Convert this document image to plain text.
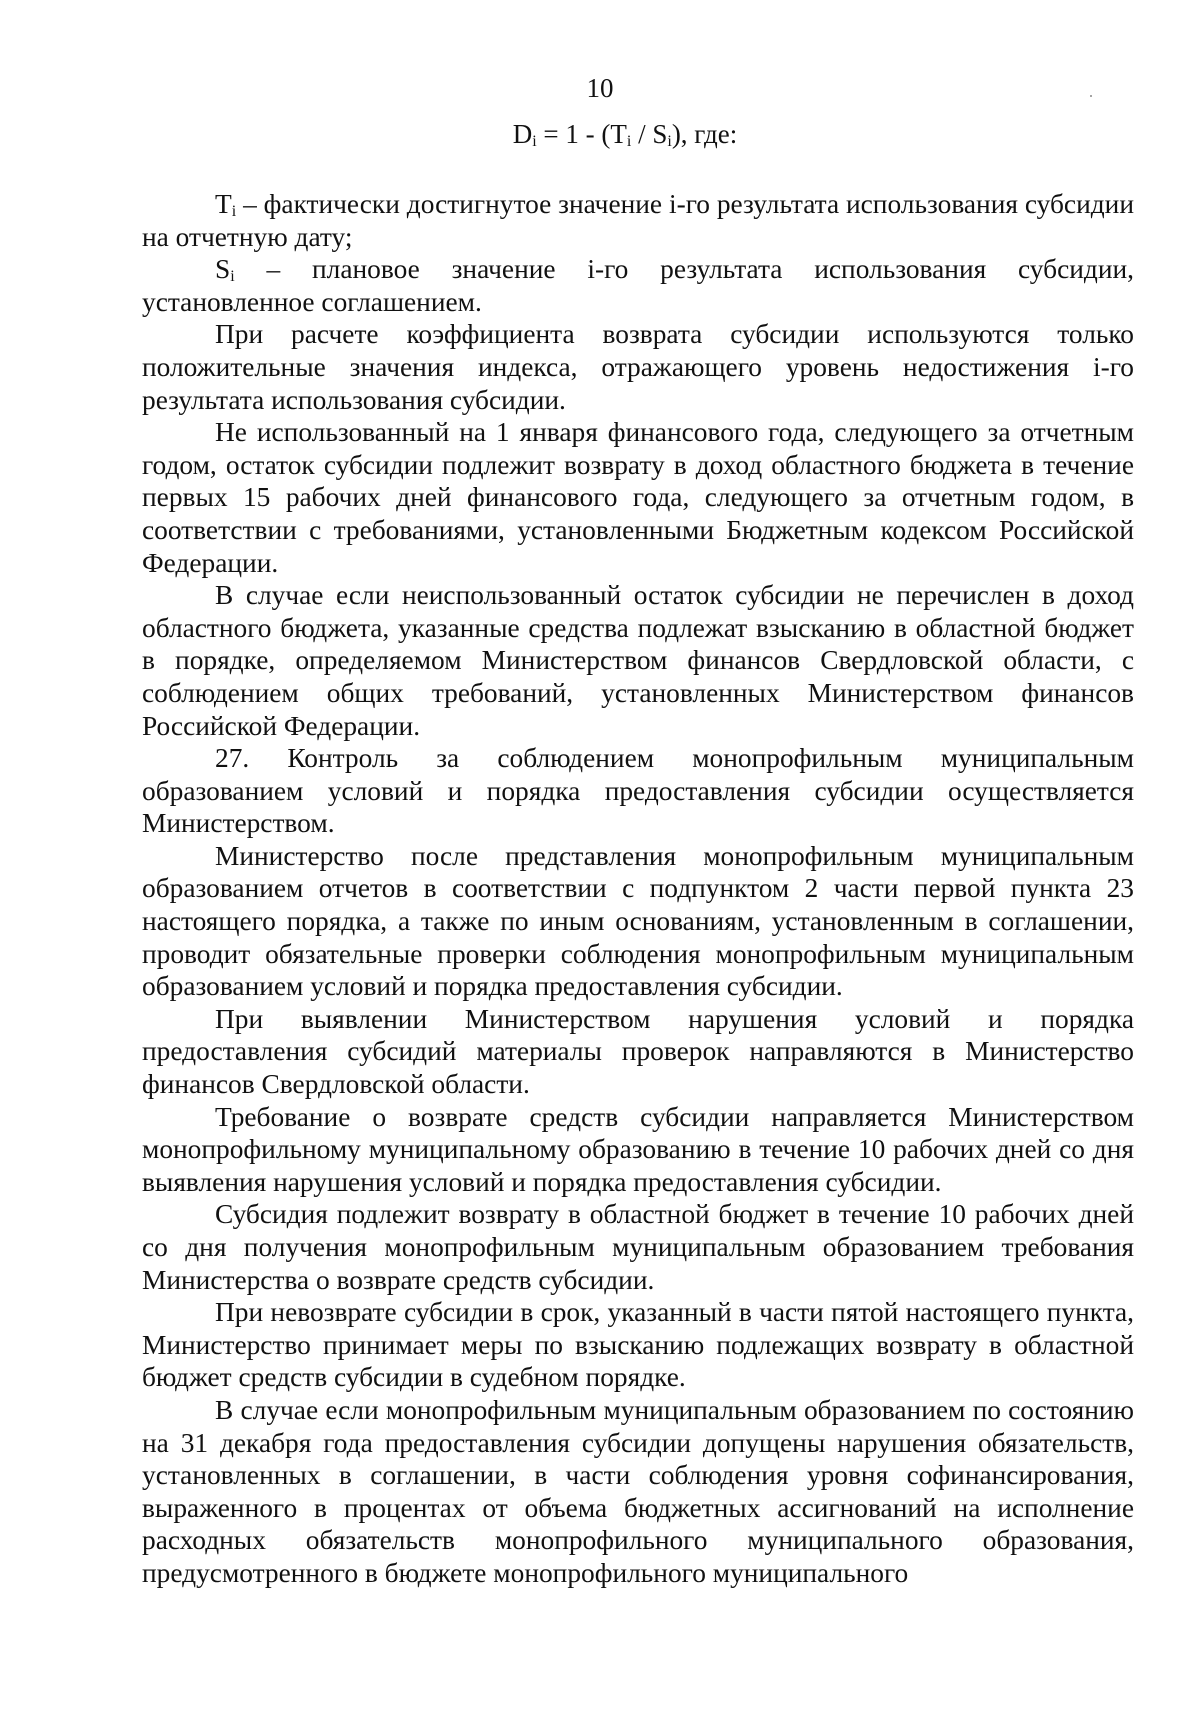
10
$D_i = 1 - (T_i / S_i)$, где:

$T_i$ – фактически достигнутое значение i-го результата использования субсидии на отчетную дату;

$S_i$ – плановое значение i-го результата использования субсидии, установленное соглашением.

При расчете коэффициента возврата субсидии используются только положительные значения индекса, отражающего уровень недостижения i-го результата использования субсидии.

Не использованный на 1 января финансового года, следующего за отчетным годом, остаток субсидии подлежит возврату в доход областного бюджета в течение первых 15 рабочих дней финансового года, следующего за отчетным годом, в соответствии с требованиями, установленными Бюджетным кодексом Российской Федерации.

В случае если неиспользованный остаток субсидии не перечислен в доход областного бюджета, указанные средства подлежат взысканию в областной бюджет в порядке, определяемом Министерством финансов Свердловской области, с соблюдением общих требований, установленных Министерством финансов Российской Федерации.

27. Контроль за соблюдением монопрофильным муниципальным образованием условий и порядка предоставления субсидии осуществляется Министерством.

Министерство после представления монопрофильным муниципальным образованием отчетов в соответствии с подпунктом 2 части первой пункта 23 настоящего порядка, а также по иным основаниям, установленным в соглашении, проводит обязательные проверки соблюдения монопрофильным муниципальным образованием условий и порядка предоставления субсидии.

При выявлении Министерством нарушения условий и порядка предоставления субсидий материалы проверок направляются в Министерство финансов Свердловской области.

Требование о возврате средств субсидии направляется Министерством монопрофильному муниципальному образованию в течение 10 рабочих дней со дня выявления нарушения условий и порядка предоставления субсидии.

Субсидия подлежит возврату в областной бюджет в течение 10 рабочих дней со дня получения монопрофильным муниципальным образованием требования Министерства о возврате средств субсидии.

При невозврате субсидии в срок, указанный в части пятой настоящего пункта, Министерство принимает меры по взысканию подлежащих возврату в областной бюджет средств субсидии в судебном порядке.

В случае если монопрофильным муниципальным образованием по состоянию на 31 декабря года предоставления субсидии допущены нарушения обязательств, установленных в соглашении, в части соблюдения уровня софинансирования, выраженного в процентах от объема бюджетных ассигнований на исполнение расходных обязательств монопрофильного муниципального образования, предусмотренного в бюджете монопрофильного муниципального
